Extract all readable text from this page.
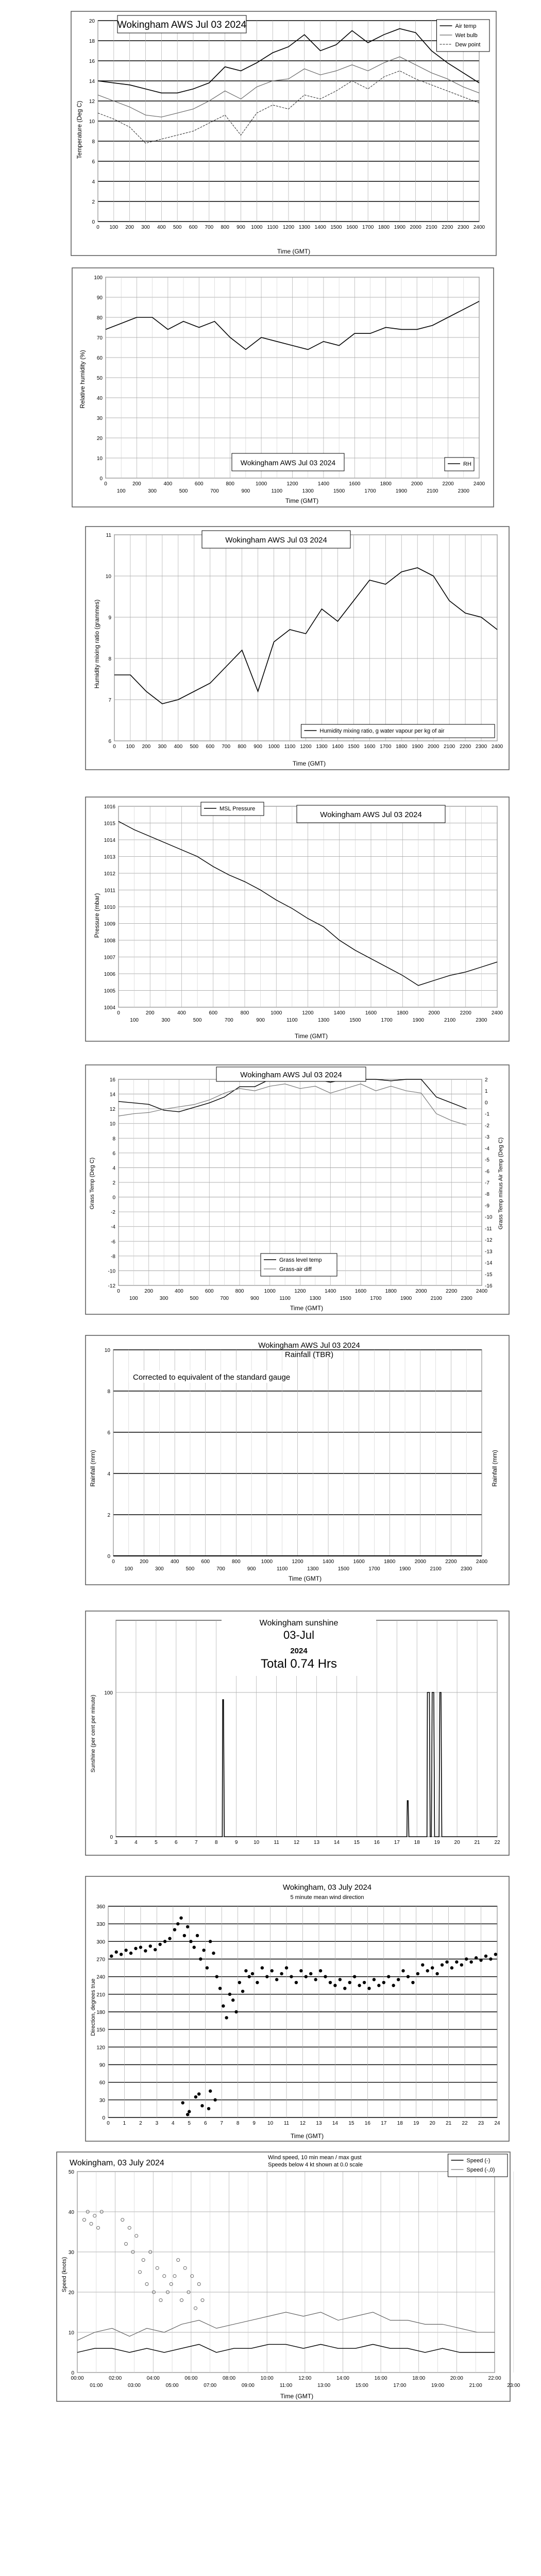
0
2
4
6
8
10
12
14
16
18
20
0 100 200 300 400 500 600 700 800 900 1000 1100 1200 1300 1400 1500 1600 1700 1800 1900 2000 2100 2200 2300 2400
Wokingham AWS Jul 03 2024	Air temp
Wet bulb
Dew point
Temperature (Deg C)
Time (GMT)
0
10
20
30
40
50
60
70
80
90
100
0	200	400	600	800	1000	1200	1400	1600	1800	2000	2200	2400
100	300	500	700	900	1100	1300	1500	1700	1900	2100	2300
Wokingham AWS Jul 03 2024	RH
Relative humidity (%)
Time (GMT)
6
7
8
9
10
11
0 100 200 300 400 500 600 700 800 900 1000 1100 1200 1300 1400 1500 1600 1700 1800 1900 2000 2100 2200 2300 2400
Wokingham AWS Jul 03 2024
Humidity mixing ratio, g water vapour per kg of air
Humidity mixing ratio (grammes)
Time (GMT)
1004
1005
1006
1007
1008
1009
1010
1011
1012
1013
1014
1015
1016
0	200	400	600	800	1000	1200	1400	1600	1800	2000	2200	2400
100	300	500	700	900	1100	1300	1500	1700	1900	2100	2300
Wokingham AWS Jul 03 2024
MSL Pressure
Pressure (mbar)
Time (GMT)
-12
-10
-8
-6
-4
-2
0
2
4
6
8
10
12
14
16
0	200	400	600	800	1000	1200	1400	1600	1800	2000	2200	2400
100	300	500	700	900	1100	1300	1500	1700	1900	2100	2300
-16
-15
-14
-13
-12
-11
-10
-9
-8
-7
-6
-5
-4
-3
-2
-1
0
1
2
Wokingham AWS Jul 03 2024
Grass level temp
Grass-air diff
Grass Temp (Deg C)	Grass Temp minus Air Temp (Deg C)
Time (GMT)
0
2
4
6
8
10
0	200	400	600	800	1000	1200	1400	1600	1800	2000	2200	2400
100	300	500	700	900	1100	1300	1500	1700	1900	2100	2300
Wokingham AWS Jul 03 2024
Rainfall (TBR)
Corrected to equivalent of the standard gauge
Rainfall (mm)	Rainfall (mm)
Time (GMT)
0
100
3	4	5	6	7	8	9	10	11	12	13	14	15	16	17	18	19	20	21	22
Wokingham sunshine
03-Jul
2024
Total 0.74 Hrs
Sunshine (per cent per minute)
0
30
60
90
120
150
180
210
240
270
300
330
360
0	1	2	3	4	5	6	7	8	9 10 11 12 13 14 15 16 17 18 19 20 21 22 23 24
Wokingham, 03 July 2024
5 minute mean wind direction
Direction, degrees true
Time (GMT)
0
10
20
30
40
50
00:00	02:00	04:00	06:00	08:00	10:00	12:00	14:00	16:00	18:00	20:00	22:00
01:00	03:00	05:00	07:00	09:00	11:00	13:00	15:00	17:00	19:00	21:00	23:00
Wokingham, 03 July 2024
Wind speed, 10 min mean / max gust
Speeds below 4 kt shown at 0.0 scale
Speed (-)
Speed (-,0)
Speed (knots)
Time (GMT)
